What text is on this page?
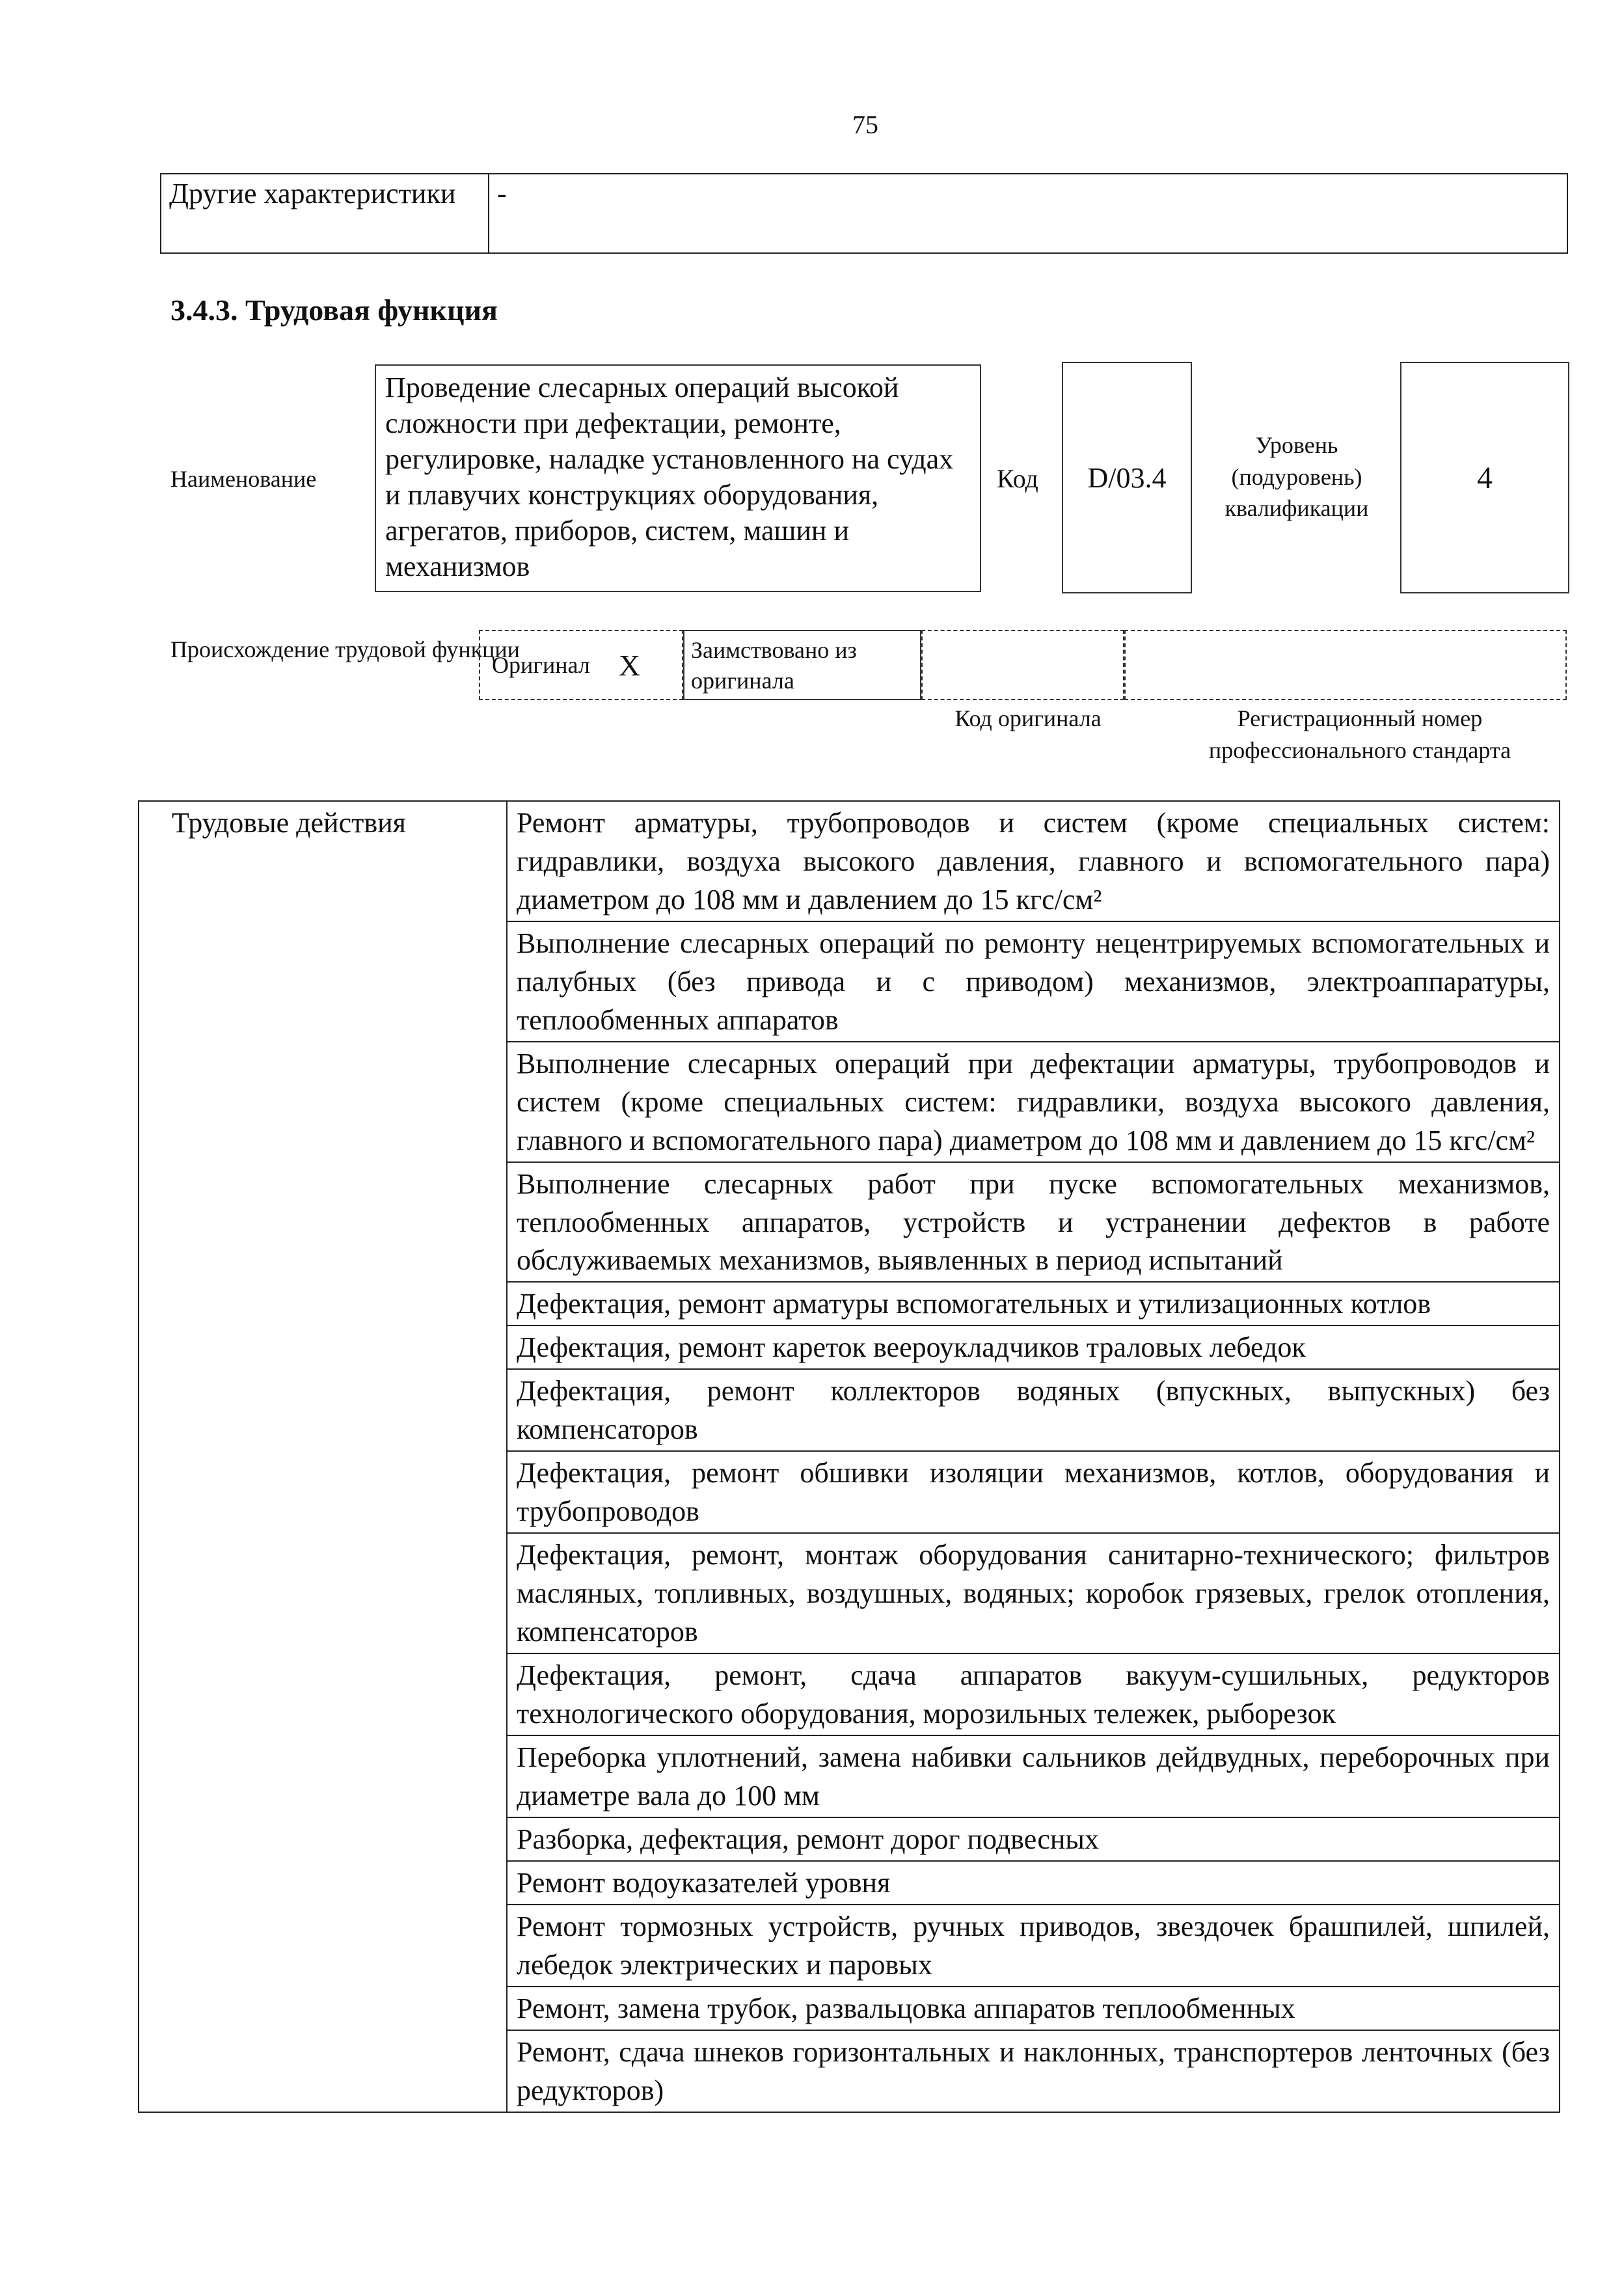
75
Другие характеристики	-
3.4.3. Трудовая функция
Наименование
Проведение слесарных операций высокой сложности при дефектации, ремонте, регулировке, наладке установленного на судах и плавучих конструкциях оборудования, агрегатов, приборов, систем, машин и механизмов
Код	D/03.4
Уровень (подуровень) квалификации
4
Происхождение трудовой функции
Оригинал X	Заимствовано из оригинала
Код оригинала	Регистрационный номер профессионального стандарта
Трудовые действия	Ремонт арматуры, трубопроводов и систем (кроме специальных систем: гидравлики, воздуха высокого давления, главного и вспомогательного пара) диаметром до 108 мм и давлением до 15 кгс/см²
Выполнение слесарных операций по ремонту нецентрируемых вспомогательных и палубных (без привода и с приводом) механизмов, электроаппаратуры, теплообменных аппаратов
Выполнение слесарных операций при дефектации арматуры, трубопроводов и систем (кроме специальных систем: гидравлики, воздуха высокого давления, главного и вспомогательного пара) диаметром до 108 мм и давлением до 15 кгс/см²
Выполнение слесарных работ при пуске вспомогательных механизмов, теплообменных аппаратов, устройств и устранении дефектов в работе обслуживаемых механизмов, выявленных в период испытаний
Дефектация, ремонт арматуры вспомогательных и утилизационных котлов
Дефектация, ремонт кареток веероукладчиков траловых лебедок
Дефектация, ремонт коллекторов водяных (впускных, выпускных) без компенсаторов
Дефектация, ремонт обшивки изоляции механизмов, котлов, оборудования и трубопроводов
Дефектация, ремонт, монтаж оборудования санитарно-технического; фильтров масляных, топливных, воздушных, водяных; коробок грязевых, грелок отопления, компенсаторов
Дефектация, ремонт, сдача аппаратов вакуум-сушильных, редукторов технологического оборудования, морозильных тележек, рыборезок
Переборка уплотнений, замена набивки сальников дейдвудных, переборочных при диаметре вала до 100 мм
Разборка, дефектация, ремонт дорог подвесных
Ремонт водоуказателей уровня
Ремонт тормозных устройств, ручных приводов, звездочек брашпилей, шпилей, лебедок электрических и паровых
Ремонт, замена трубок, развальцовка аппаратов теплообменных
Ремонт, сдача шнеков горизонтальных и наклонных, транспортеров ленточных (без редукторов)
